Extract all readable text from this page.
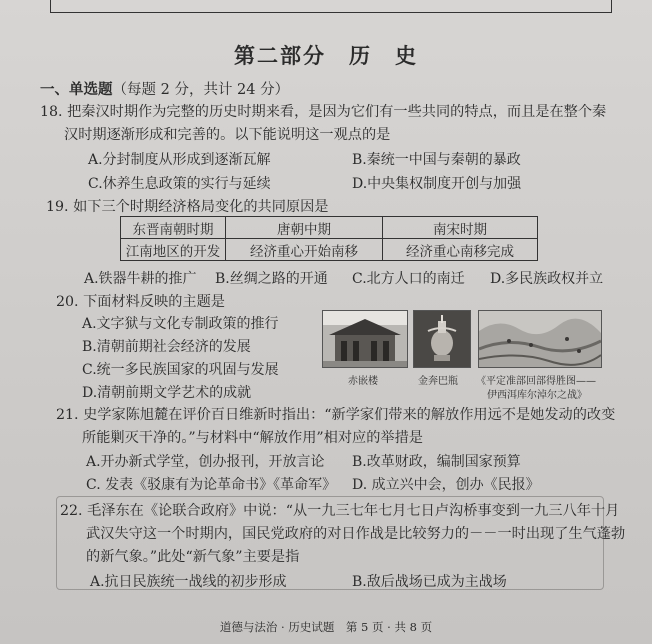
第二部分　历　史
一、单选题（每题 2 分，共计 24 分）
18. 把秦汉时期作为完整的历史时期来看，是因为它们有一些共同的特点，而且是在整个秦
汉时期逐渐形成和完善的。以下能说明这一观点的是
A.分封制度从形成到逐渐瓦解	B.秦统一中国与秦朝的暴政
C.休养生息政策的实行与延续	D.中央集权制度开创与加强
19. 如下三个时期经济格局变化的共同原因是
东晋南朝时期	唐朝中期	南宋时期
江南地区的开发	经济重心开始南移	经济重心南移完成
A.铁器牛耕的推广 B.丝绸之路的开通 C.北方人口的南迁 D.多民族政权并立
20. 下面材料反映的主题是
A.文字狱与文化专制政策的推行
B.清朝前期社会经济的发展
C.统一多民族国家的巩固与发展
D.清朝前期文学艺术的成就
赤嵌楼	金奔巴瓶 《平定准部回部得胜图——
伊西洱库尔淖尔之战》
21. 史学家陈旭麓在评价百日维新时指出：“新学家们带来的解放作用远不是她发动的改变
所能剿灭干净的。”与材料中“解放作用”相对应的举措是
A.开办新式学堂，创办报刊，开放言论 B.改革财政，编制国家预算
C. 发表《驳康有为论革命书》《革命军》 D. 成立兴中会，创办《民报》
22. 毛泽东在《论联合政府》中说：“从一九三七年七月七日卢沟桥事变到一九三八年十月
武汉失守这一个时期内，国民党政府的对日作战是比较努力的－－一时出现了生气蓬勃
的新气象。”此处“新气象”主要是指
A.抗日民族统一战线的初步形成	B.敌后战场已成为主战场
道德与法治 · 历史试题　第 5 页 · 共 8 页
